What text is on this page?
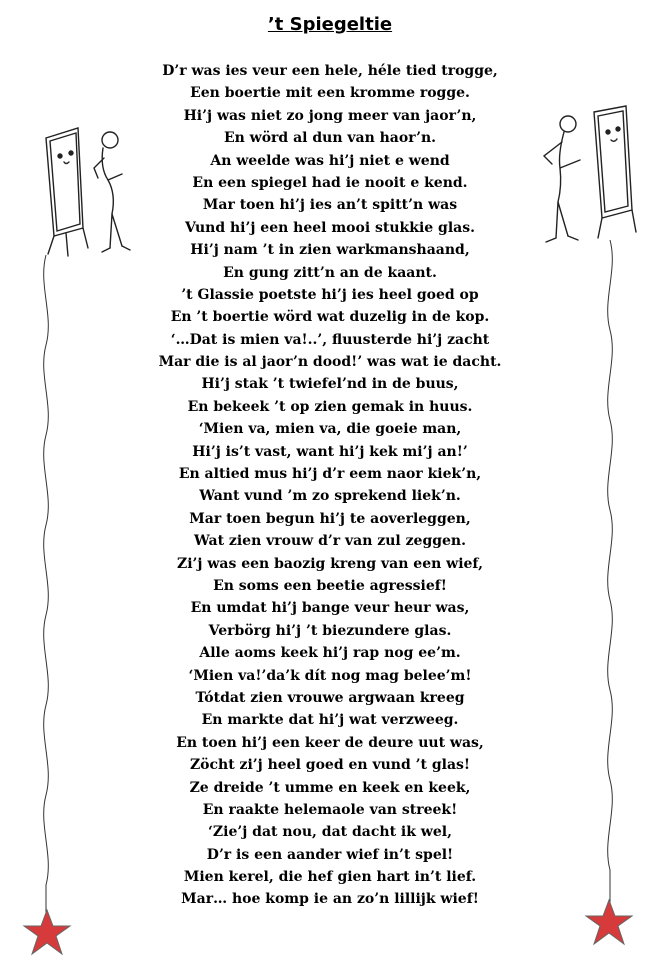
’t Spiegeltie
D’r was ies veur een hele, héle tied trogge,
Een boertie mit een kromme rogge.
Hi’j was niet zo jong meer van jaor’n,
En wörd al dun van haor’n.
An weelde was hi’j niet e wend
En een spiegel had ie nooit e kend.
Mar toen hi’j ies an’t spitt’n was
Vund hi’j een heel mooi stukkie glas.
Hi’j nam ’t in zien warkmanshaand,
En gung zitt’n an de kaant.
’t Glassie poetste hi’j ies heel goed op
En ’t boertie wörd wat duzelig in de kop.
‘…Dat is mien va!..’, fluusterde hi’j zacht
Mar die is al jaor’n dood!’ was wat ie dacht.
Hi’j stak ’t twiefel’nd in de buus,
En bekeek ’t op zien gemak in huus.
‘Mien va, mien va, die goeie man,
Hi’j is’t vast, want hi’j kek mi’j an!’
En altied mus hi’j d’r eem naor kiek’n,
Want vund ’m zo sprekend liek’n.
Mar toen begun hi’j te aoverleggen,
Wat zien vrouw d’r van zul zeggen.
Zi’j was een baozig kreng van een wief,
En soms een beetie agressief!
En umdat hi’j bange veur heur was,
Verbörg hi’j ’t biezundere glas.
Alle aoms keek hi’j rap nog ee’m.
‘Mien va!’da’k dít nog mag belee’m!
Tótdat zien vrouwe argwaan kreeg
En markte dat hi’j wat verzweeg.
En toen hi’j een keer de deure uut was,
Zöcht zi’j heel goed en vund ’t glas!
Ze dreide ’t umme en keek en keek,
En raakte helemaole van streek!
‘Zie’j dat nou, dat dacht ik wel,
D’r is een aander wief in’t spel!
Mien kerel, die hef gien hart in’t lief.
Mar… hoe komp ie an zo’n lillijk wief!
